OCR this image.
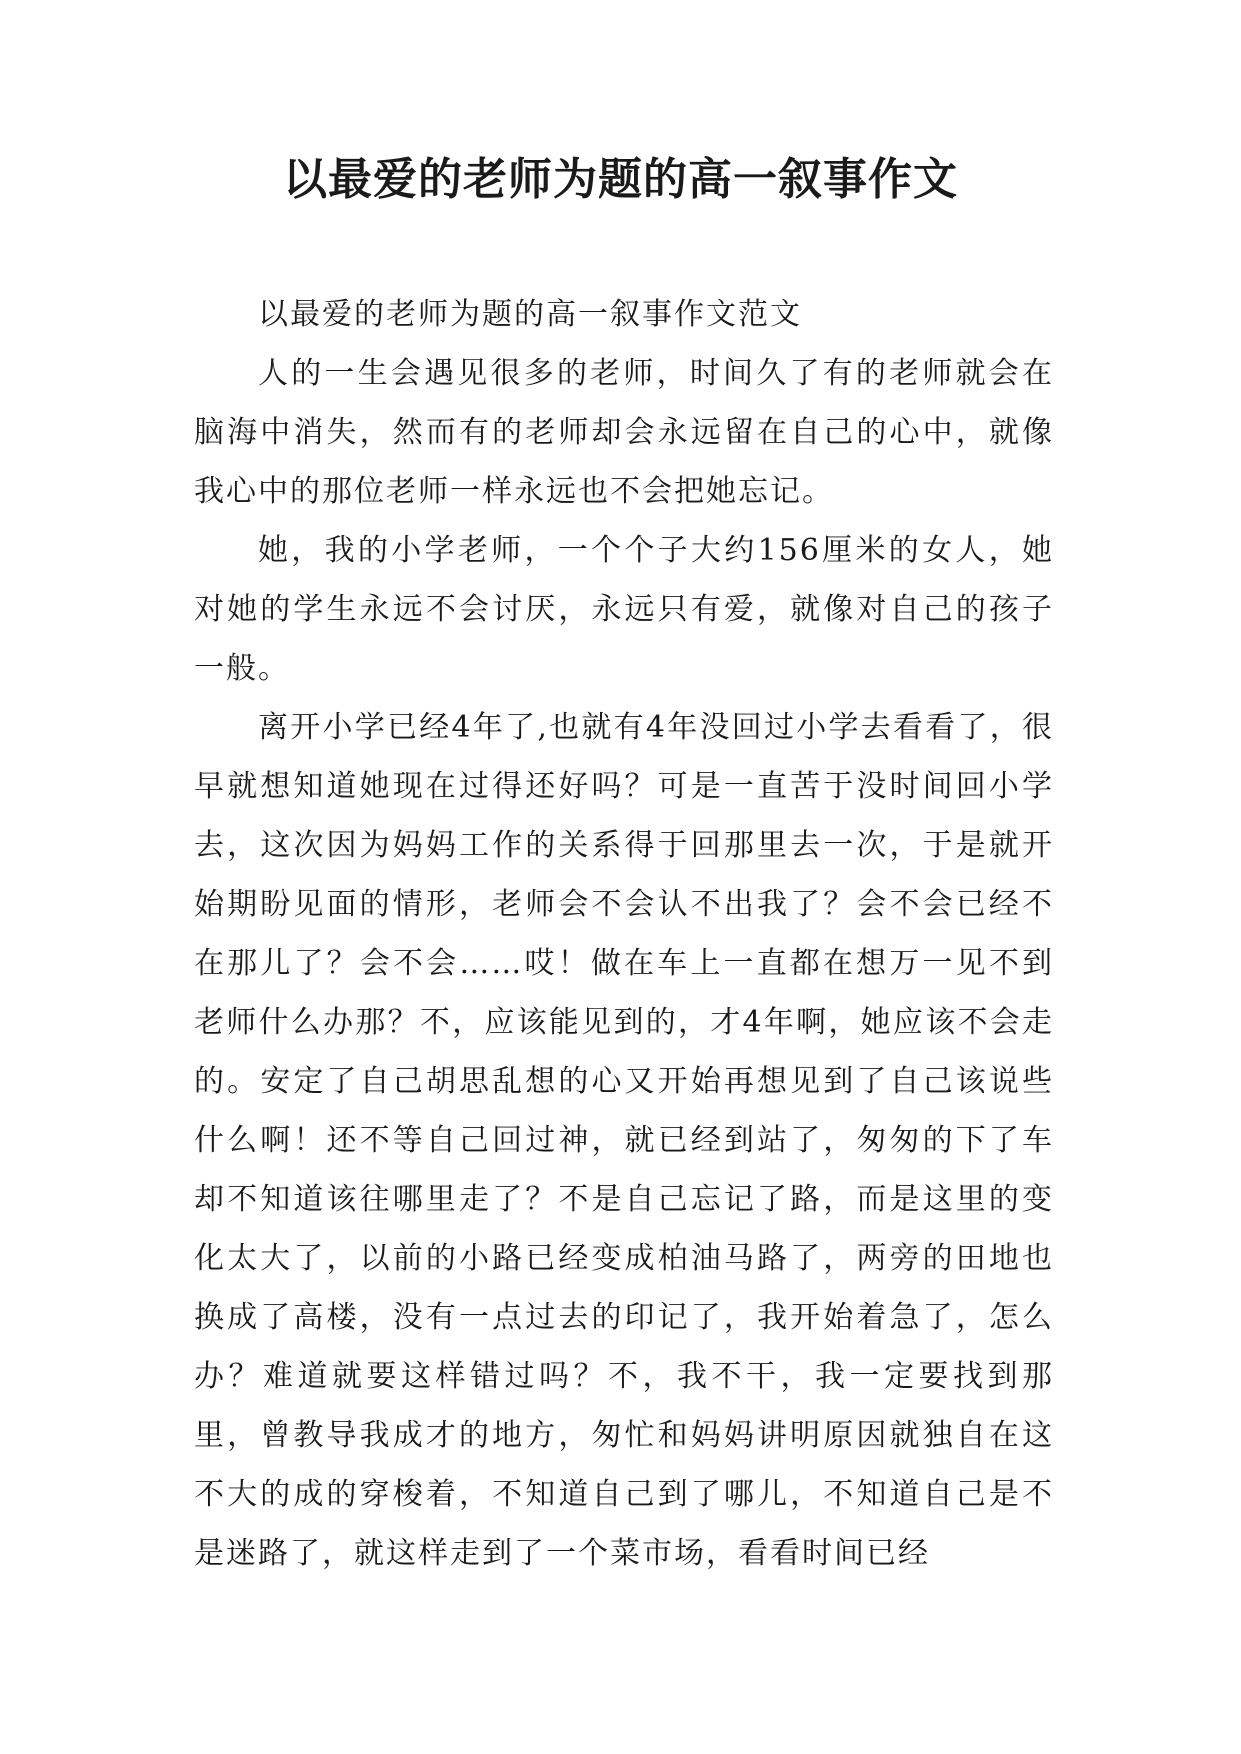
以最爱的老师为题的高一叙事作文

以最爱的老师为题的高一叙事作文范文

人的一生会遇见很多的老师，时间久了有的老师就会在脑海中消失，然而有的老师却会永远留在自己的心中，就像我心中的那位老师一样永远也不会把她忘记。

她，我的小学老师，一个个子大约156厘米的女人，她对她的学生永远不会讨厌，永远只有爱，就像对自己的孩子一般。

离开小学已经4年了,也就有4年没回过小学去看看了，很早就想知道她现在过得还好吗？可是一直苦于没时间回小学去，这次因为妈妈工作的关系得于回那里去一次，于是就开始期盼见面的情形，老师会不会认不出我了？会不会已经不在那儿了？会不会……哎！做在车上一直都在想万一见不到老师什么办那？不，应该能见到的，才4年啊，她应该不会走的。安定了自己胡思乱想的心又开始再想见到了自己该说些什么啊！还不等自己回过神，就已经到站了，匆匆的下了车却不知道该往哪里走了？不是自己忘记了路，而是这里的变化太大了，以前的小路已经变成柏油马路了，两旁的田地也换成了高楼，没有一点过去的印记了，我开始着急了，怎么办？难道就要这样错过吗？不，我不干，我一定要找到那里，曾教导我成才的地方，匆忙和妈妈讲明原因就独自在这不大的成的穿梭着，不知道自己到了哪儿，不知道自己是不是迷路了，就这样走到了一个菜市场，看看时间已经
